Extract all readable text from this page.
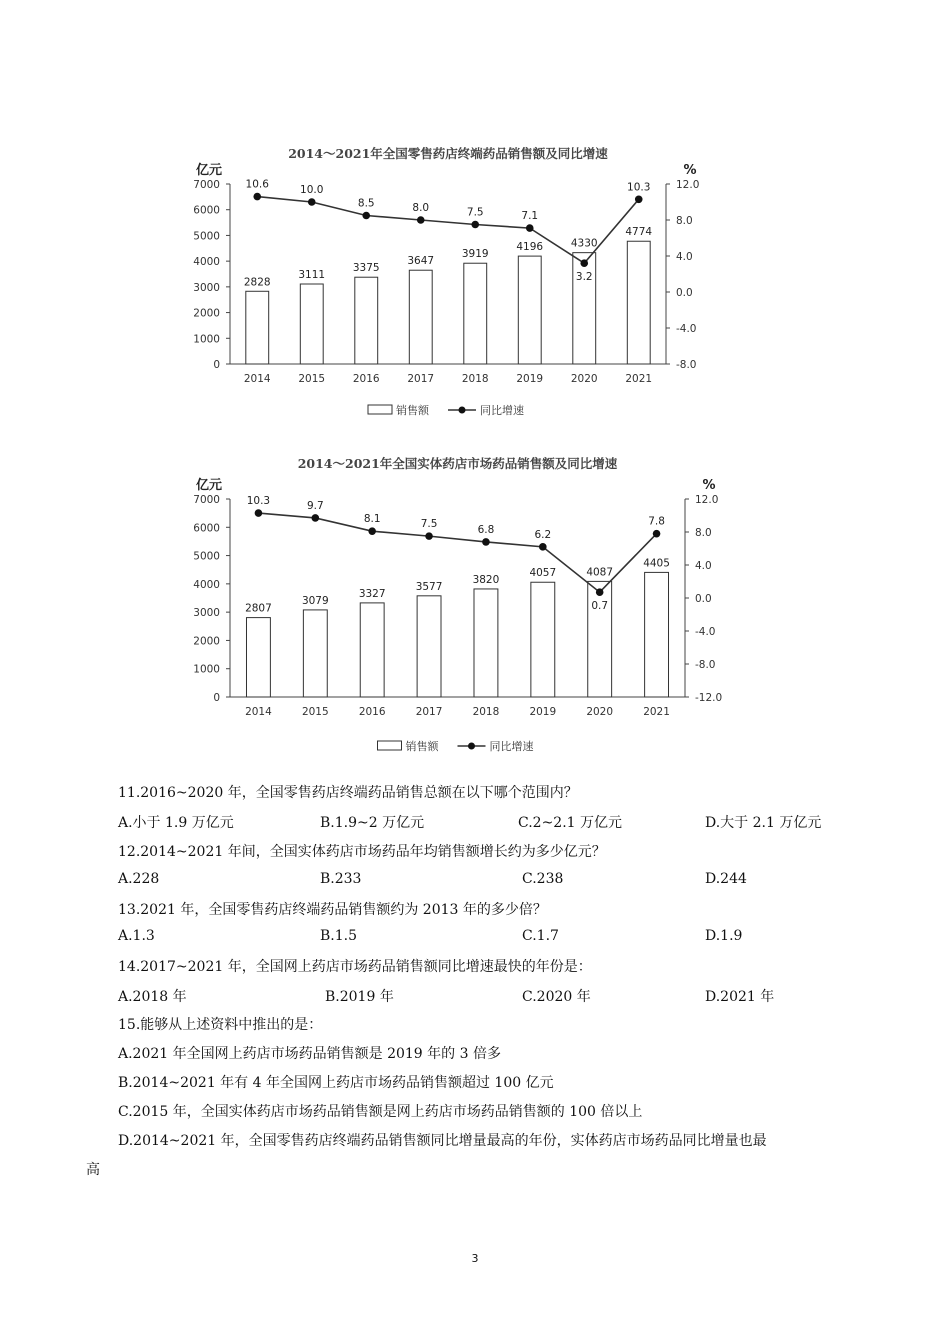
2014～2021年全国零售药店终端药品销售额及同比增速
亿元	%
0
1000
2000
3000
4000
5000
6000
7000
-8.0
-4.0
0.0
4.0
8.0
12.0
2828
3111
3375
3647
3919
4196	4330
4774
2014	2015	2016	2017	2018	2019	2020	2021
10.6	10.0
8.5	8.0	7.5	7.1
3.2
10.3
销售额	同比增速
2014～2021年全国实体药店市场药品销售额及同比增速
亿元	%
0
1000
2000
3000
4000
5000
6000
7000
-12.0
-8.0
-4.0
0.0
4.0
8.0
12.0
2807
3079
3327
3577
3820
4057	4087
4405
2014	2015	2016	2017	2018	2019	2020	2021
10.3	9.7
8.1	7.5	6.8	6.2
0.7
7.8
销售额	同比增速
11.2016~2020 年，全国零售药店终端药品销售总额在以下哪个范围内？
A.小于 1.9 万亿元	B.1.9~2 万亿元	C.2~2.1 万亿元	D.大于 2.1 万亿元
12.2014~2021 年间，全国实体药店市场药品年均销售额增长约为多少亿元？
A.228	B.233	C.238	D.244
13.2021 年，全国零售药店终端药品销售额约为 2013 年的多少倍？
A.1.3	B.1.5	C.1.7	D.1.9
14.2017~2021 年，全国网上药店市场药品销售额同比增速最快的年份是：
A.2018 年	B.2019 年	C.2020 年	D.2021 年
15.能够从上述资料中推出的是：
A.2021 年全国网上药店市场药品销售额是 2019 年的 3 倍多
B.2014~2021 年有 4 年全国网上药店市场药品销售额超过 100 亿元
C.2015 年，全国实体药店市场药品销售额是网上药店市场药品销售额的 100 倍以上
D.2014~2021 年，全国零售药店终端药品销售额同比增量最高的年份，实体药店市场药品同比增量也最
高
3
